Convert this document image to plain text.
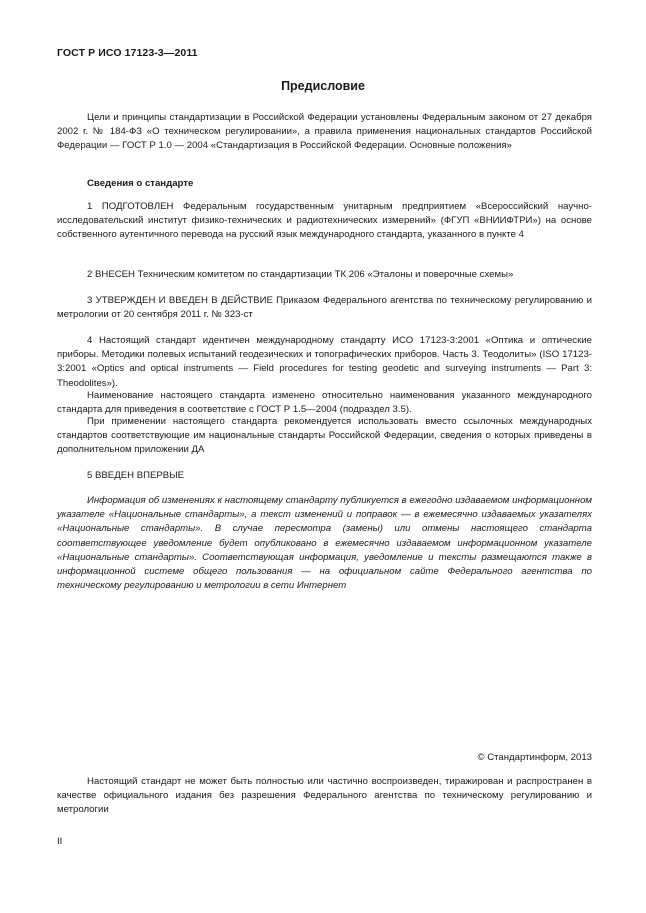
ГОСТ Р ИСО 17123-3—2011
Предисловие
Цели и принципы стандартизации в Российской Федерации установлены Федеральным законом от 27 декабря 2002 г. № 184-ФЗ «О техническом регулировании», а правила применения национальных стандартов Российской Федерации — ГОСТ Р 1.0 — 2004 «Стандартизация в Российской Федерации. Основные положения»
Сведения о стандарте
1 ПОДГОТОВЛЕН Федеральным государственным унитарным предприятием «Всероссийский научно-исследовательский институт физико-технических и радиотехнических измерений» (ФГУП «ВНИИФТРИ») на основе собственного аутентичного перевода на русский язык международного стандарта, указанного в пункте 4
2 ВНЕСЕН Техническим комитетом по стандартизации ТК 206 «Эталоны и поверочные схемы»
3 УТВЕРЖДЕН И ВВЕДЕН В ДЕЙСТВИЕ Приказом Федерального агентства по техническому регулированию и метрологии от 20 сентября 2011 г. № 323-ст
4 Настоящий стандарт идентичен международному стандарту ИСО 17123-3:2001 «Оптика и оптические приборы. Методики полевых испытаний геодезических и топографических приборов. Часть 3. Теодолиты» (ISO 17123-3:2001 «Optics and optical instruments — Field procedures for testing geodetic and surveying instruments — Part 3: Theodolites»).
Наименование настоящего стандарта изменено относительно наименования указанного международного стандарта для приведения в соответствие с ГОСТ Р 1.5—2004 (подраздел 3.5).
При применении настоящего стандарта рекомендуется использовать вместо ссылочных международных стандартов соответствующие им национальные стандарты Российской Федерации, сведения о которых приведены в дополнительном приложении ДА
5 ВВЕДЕН ВПЕРВЫЕ
Информация об изменениях к настоящему стандарту публикуется в ежегодно издаваемом информационном указателе «Национальные стандарты», а текст изменений и поправок — в ежемесячно издаваемых указателях «Национальные стандарты». В случае пересмотра (замены) или отмены настоящего стандарта соответствующее уведомление будет опубликовано в ежемесячно издаваемом информационном указателе «Национальные стандарты». Соответствующая информация, уведомление и тексты размещаются также в информационной системе общего пользования — на официальном сайте Федерального агентства по техническому регулированию и метрологии в сети Интернет
© Стандартинформ, 2013
Настоящий стандарт не может быть полностью или частично воспроизведен, тиражирован и распространен в качестве официального издания без разрешения Федерального агентства по техническому регулированию и метрологии
II
